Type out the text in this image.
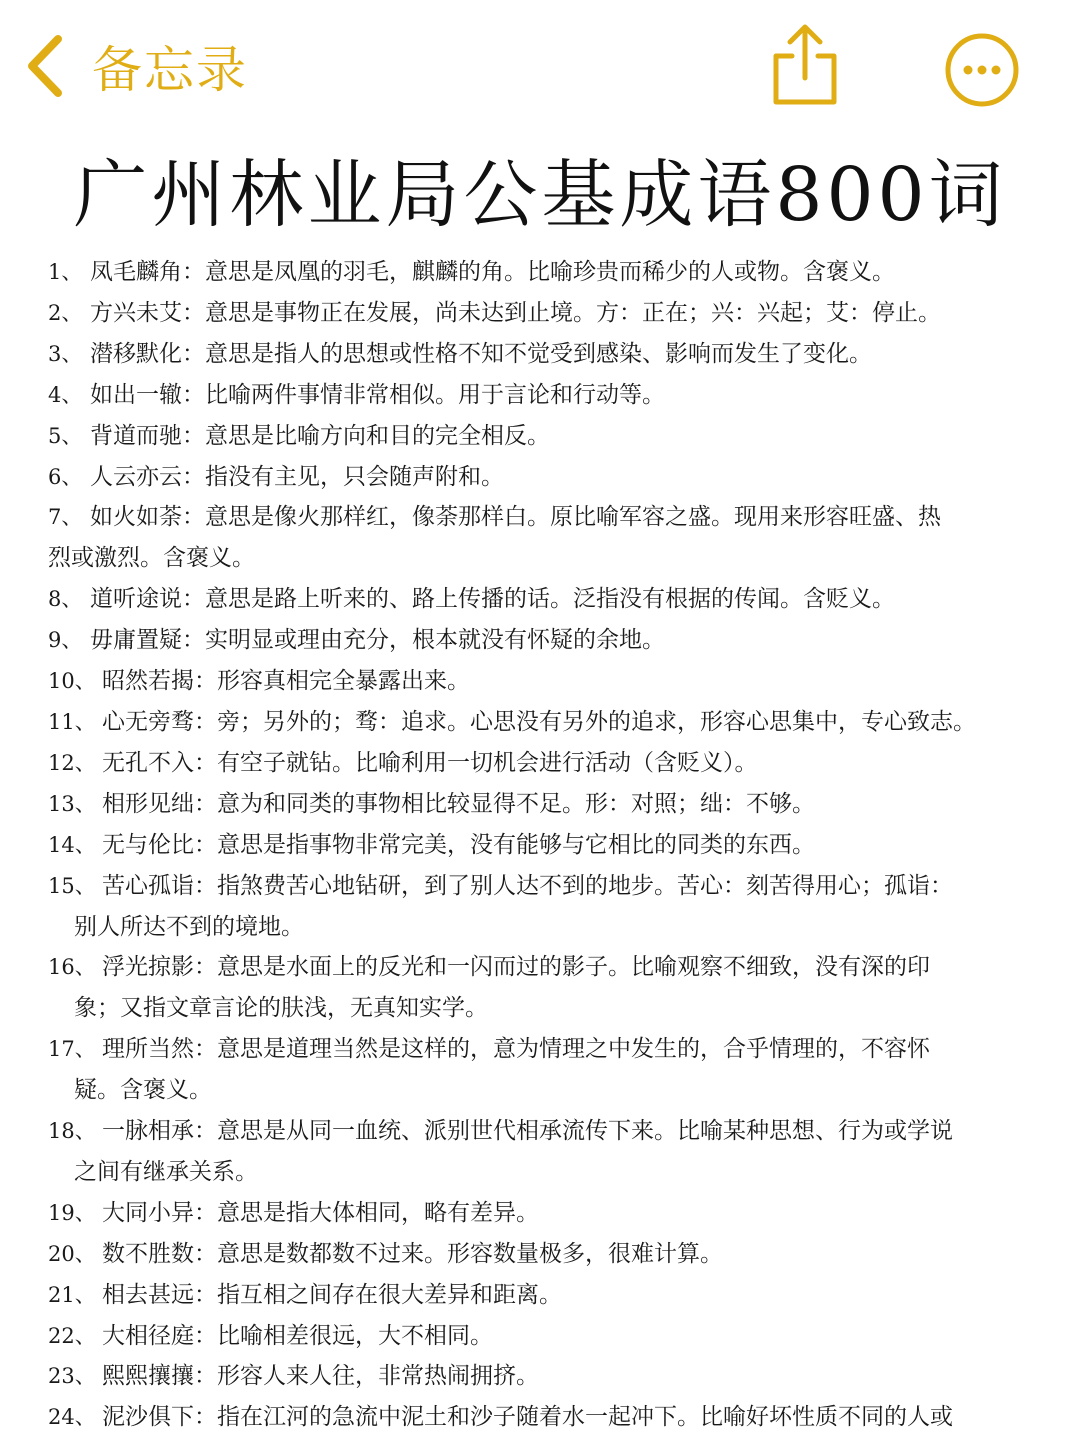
备忘录
广州林业局公基成语800词
1、 凤毛麟角：意思是凤凰的羽毛，麒麟的角。比喻珍贵而稀少的人或物。含褒义。
2、 方兴未艾：意思是事物正在发展，尚未达到止境。方：正在；兴：兴起；艾：停止。
3、 潜移默化：意思是指人的思想或性格不知不觉受到感染、影响而发生了变化。
4、 如出一辙：比喻两件事情非常相似。用于言论和行动等。
5、 背道而驰：意思是比喻方向和目的完全相反。
6、 人云亦云：指没有主见，只会随声附和。
7、 如火如荼：意思是像火那样红，像荼那样白。原比喻军容之盛。现用来形容旺盛、热
烈或激烈。含褒义。
8、 道听途说：意思是路上听来的、路上传播的话。泛指没有根据的传闻。含贬义。
9、 毋庸置疑：实明显或理由充分，根本就没有怀疑的余地。
10、 昭然若揭：形容真相完全暴露出来。
11、 心无旁骛：旁；另外的；骛：追求。心思没有另外的追求，形容心思集中，专心致志。
12、 无孔不入：有空子就钻。比喻利用一切机会进行活动（含贬义）。
13、 相形见绌：意为和同类的事物相比较显得不足。形：对照；绌：不够。
14、 无与伦比：意思是指事物非常完美，没有能够与它相比的同类的东西。
15、 苦心孤诣：指煞费苦心地钻研，到了别人达不到的地步。苦心：刻苦得用心；孤诣：
别人所达不到的境地。
16、 浮光掠影：意思是水面上的反光和一闪而过的影子。比喻观察不细致，没有深的印
象；又指文章言论的肤浅，无真知实学。
17、 理所当然：意思是道理当然是这样的，意为情理之中发生的，合乎情理的，不容怀
疑。含褒义。
18、 一脉相承：意思是从同一血统、派别世代相承流传下来。比喻某种思想、行为或学说
之间有继承关系。
19、 大同小异：意思是指大体相同，略有差异。
20、 数不胜数：意思是数都数不过来。形容数量极多，很难计算。
21、 相去甚远：指互相之间存在很大差异和距离。
22、 大相径庭：比喻相差很远，大不相同。
23、 熙熙攘攘：形容人来人往，非常热闹拥挤。
24、 泥沙俱下：指在江河的急流中泥土和沙子随着水一起冲下。比喻好坏性质不同的人或
